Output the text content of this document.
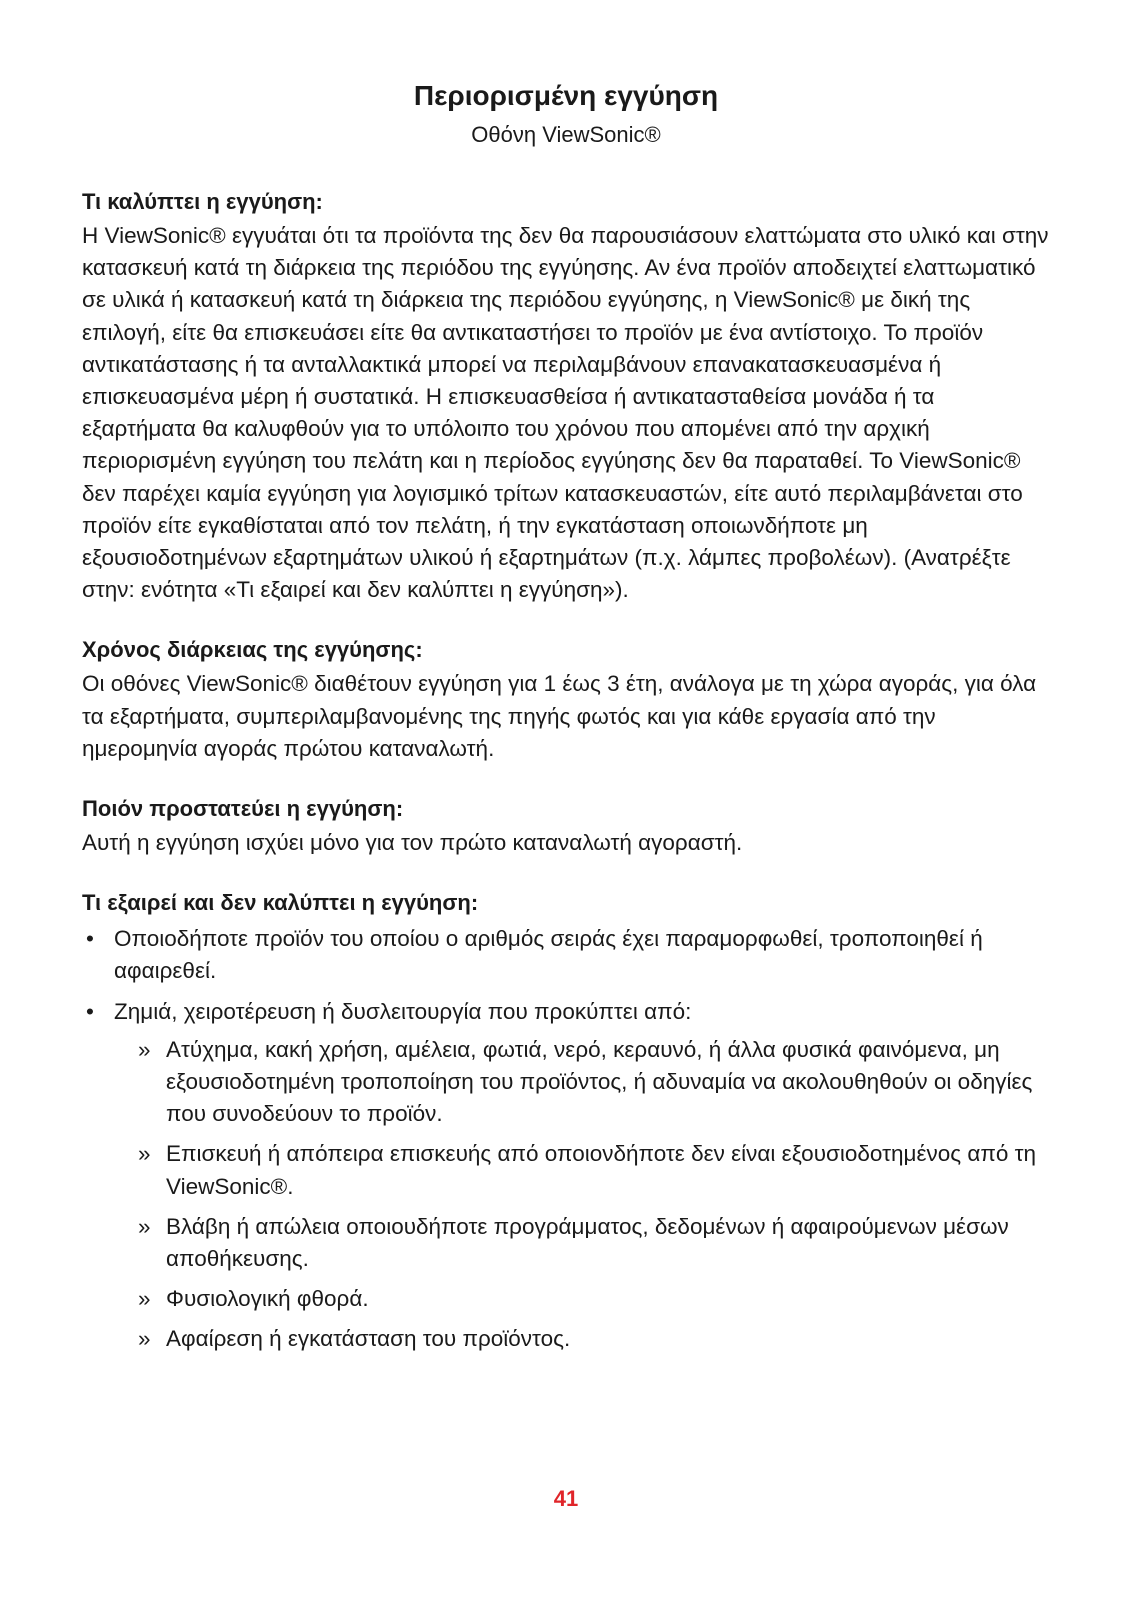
Περιορισμένη εγγύηση
Οθόνη ViewSonic®
Τι καλύπτει η εγγύηση:

Η ViewSonic® εγγυάται ότι τα προϊόντα της δεν θα παρουσιάσουν ελαττώματα στο υλικό και στην κατασκευή κατά τη διάρκεια της περιόδου της εγγύησης. Αν ένα προϊόν αποδειχτεί ελαττωματικό σε υλικά ή κατασκευή κατά τη διάρκεια της περιόδου εγγύησης, η ViewSonic® με δική της επιλογή, είτε θα επισκευάσει είτε θα αντικαταστήσει το προϊόν με ένα αντίστοιχο. Το προϊόν αντικατάστασης ή τα ανταλλακτικά μπορεί να περιλαμβάνουν επανακατασκευασμένα ή επισκευασμένα μέρη ή συστατικά. Η επισκευασθείσα ή αντικατασταθείσα μονάδα ή τα εξαρτήματα θα καλυφθούν για το υπόλοιπο του χρόνου που απομένει από την αρχική περιορισμένη εγγύηση του πελάτη και η περίοδος εγγύησης δεν θα παραταθεί. Το ViewSonic® δεν παρέχει καμία εγγύηση για λογισμικό τρίτων κατασκευαστών, είτε αυτό περιλαμβάνεται στο προϊόν είτε εγκαθίσταται από τον πελάτη, ή την εγκατάσταση οποιωνδήποτε μη εξουσιοδοτημένων εξαρτημάτων υλικού ή εξαρτημάτων (π.χ. λάμπες προβολέων). (Ανατρέξτε στην: ενότητα «Τι εξαιρεί και δεν καλύπτει η εγγύηση»).

Χρόνος διάρκειας της εγγύησης:

Οι οθόνες ViewSonic® διαθέτουν εγγύηση για 1 έως 3 έτη, ανάλογα με τη χώρα αγοράς, για όλα τα εξαρτήματα, συμπεριλαμβανομένης της πηγής φωτός και για κάθε εργασία από την ημερομηνία αγοράς πρώτου καταναλωτή.

Ποιόν προστατεύει η εγγύηση:

Αυτή η εγγύηση ισχύει μόνο για τον πρώτο καταναλωτή αγοραστή.

Τι εξαιρεί και δεν καλύπτει η εγγύηση:
• Οποιοδήποτε προϊόν του οποίου ο αριθμός σειράς έχει παραμορφωθεί, τροποποιηθεί ή αφαιρεθεί.
• Ζημιά, χειροτέρευση ή δυσλειτουργία που προκύπτει από:
» Ατύχημα, κακή χρήση, αμέλεια, φωτιά, νερό, κεραυνό, ή άλλα φυσικά φαινόμενα, μη εξουσιοδοτημένη τροποποίηση του προϊόντος, ή αδυναμία να ακολουθηθούν οι οδηγίες που συνοδεύουν το προϊόν.
» Επισκευή ή απόπειρα επισκευής από οποιονδήποτε δεν είναι εξουσιοδοτημένος από τη ViewSonic®.
» Βλάβη ή απώλεια οποιουδήποτε προγράμματος, δεδομένων ή αφαιρούμενων μέσων αποθήκευσης.
» Φυσιολογική φθορά.
» Αφαίρεση ή εγκατάσταση του προϊόντος.
41
